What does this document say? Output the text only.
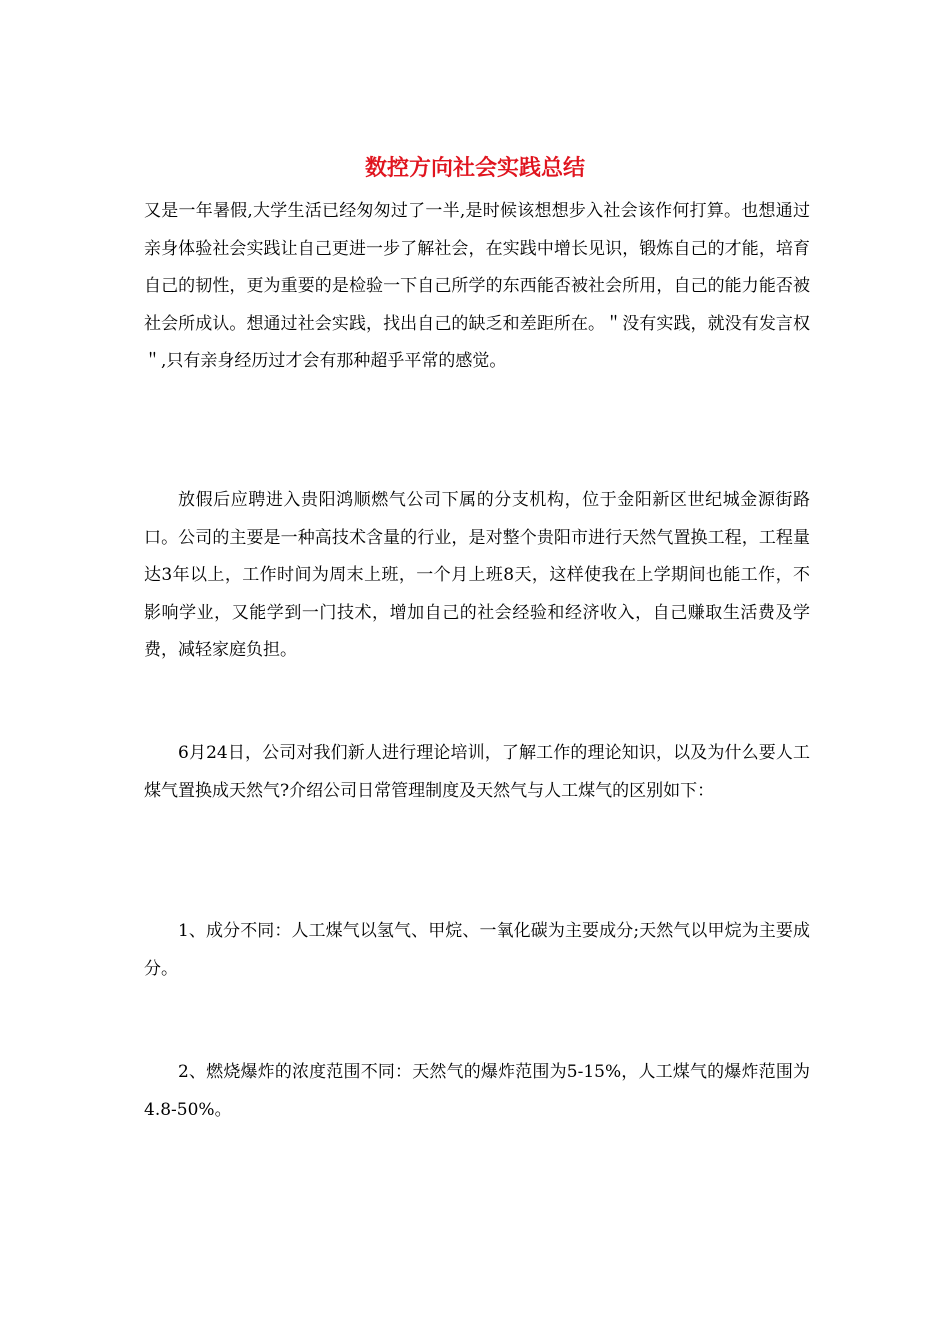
数控方向社会实践总结

又是一年暑假,大学生活已经匆匆过了一半,是时候该想想步入社会该作何打算。也想通过亲身体验社会实践让自己更进一步了解社会，在实践中增长见识，锻炼自己的才能，培育自己的韧性，更为重要的是检验一下自己所学的东西能否被社会所用，自己的能力能否被社会所成认。想通过社会实践，找出自己的缺乏和差距所在。＂没有实践，就没有发言权＂,只有亲身经历过才会有那种超乎平常的感觉。

放假后应聘进入贵阳鸿顺燃气公司下属的分支机构，位于金阳新区世纪城金源街路口。公司的主要是一种高技术含量的行业，是对整个贵阳市进行天然气置换工程，工程量达3年以上，工作时间为周末上班，一个月上班8天，这样使我在上学期间也能工作，不影响学业，又能学到一门技术，增加自己的社会经验和经济收入，自己赚取生活费及学费，减轻家庭负担。

6月24日，公司对我们新人进行理论培训，了解工作的理论知识，以及为什么要人工煤气置换成天然气?介绍公司日常管理制度及天然气与人工煤气的区别如下：

1、成分不同：人工煤气以氢气、甲烷、一氧化碳为主要成分;天然气以甲烷为主要成分。

2、燃烧爆炸的浓度范围不同：天然气的爆炸范围为5-15%，人工煤气的爆炸范围为4.8-50%。
